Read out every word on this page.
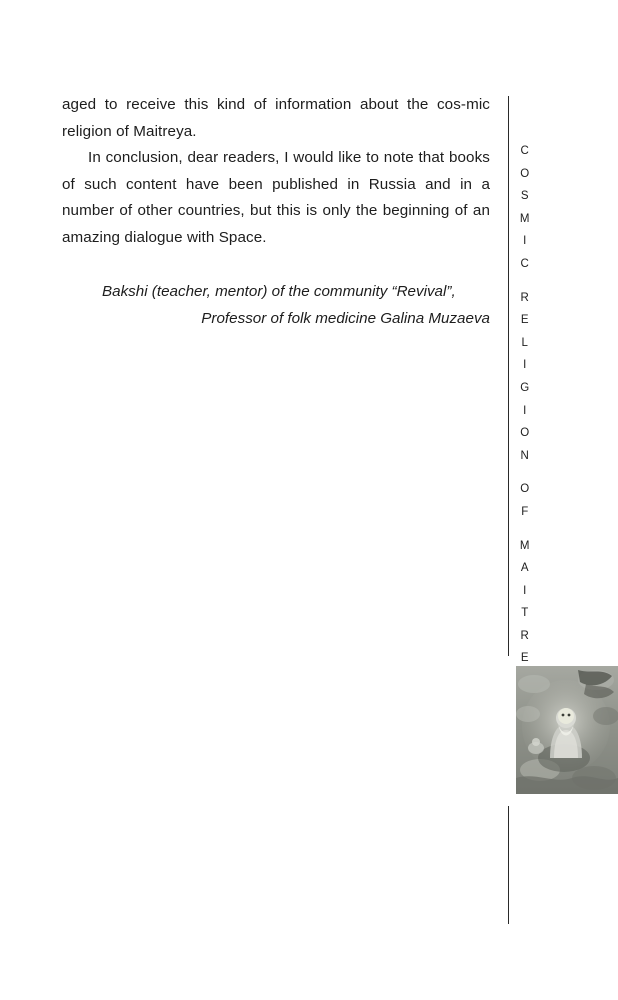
aged to receive this kind of information about the cos-mic religion of Maitreya.

In conclusion, dear readers, I would like to note that books of such content have been published in Russia and in a number of other countries, but this is only the beginning of an amazing dialogue with Space.

Bakshi (teacher, mentor) of the community “Revival”,
Professor of folk medicine Galina Muzaeva
C
O
S
M
I
C
R
E
L
I
G
I
O
N
O
F
M
A
I
T
R
E
